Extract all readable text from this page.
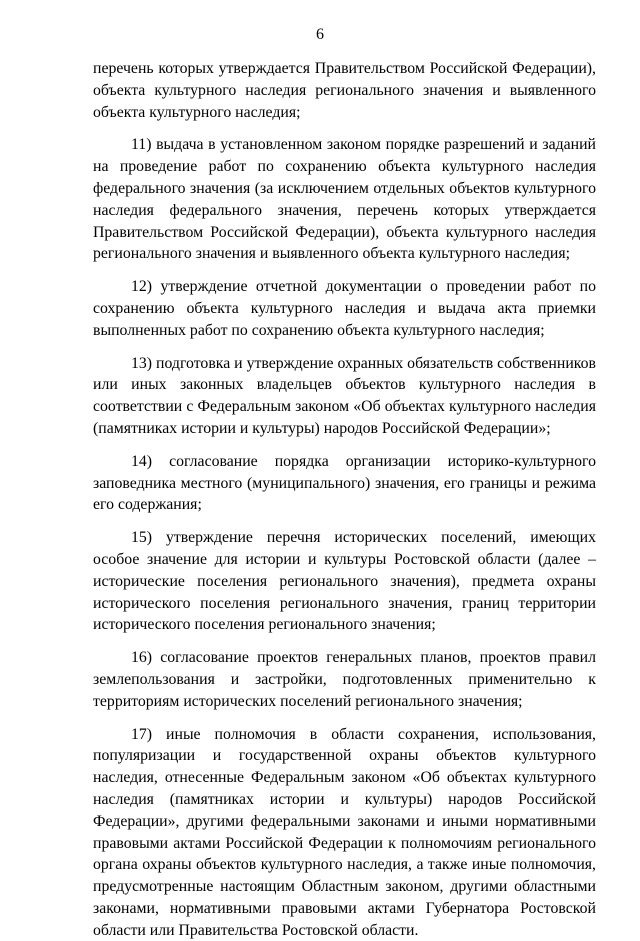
6

перечень которых утверждается Правительством Российской Федерации), объекта культурного наследия регионального значения и выявленного объекта культурного наследия;

11) выдача в установленном законом порядке разрешений и заданий на проведение работ по сохранению объекта культурного наследия федерального значения (за исключением отдельных объектов культурного наследия федерального значения, перечень которых утверждается Правительством Российской Федерации), объекта культурного наследия регионального значения и выявленного объекта культурного наследия;

12) утверждение отчетной документации о проведении работ по сохранению объекта культурного наследия и выдача акта приемки выполненных работ по сохранению объекта культурного наследия;

13) подготовка и утверждение охранных обязательств собственников или иных законных владельцев объектов культурного наследия в соответствии с Федеральным законом «Об объектах культурного наследия (памятниках истории и культуры) народов Российской Федерации»;

14) согласование порядка организации историко-культурного заповедника местного (муниципального) значения, его границы и режима его содержания;

15) утверждение перечня исторических поселений, имеющих особое значение для истории и культуры Ростовской области (далее – исторические поселения регионального значения), предмета охраны исторического поселения регионального значения, границ территории исторического поселения регионального значения;

16) согласование проектов генеральных планов, проектов правил землепользования и застройки, подготовленных применительно к территориям исторических поселений регионального значения;

17) иные полномочия в области сохранения, использования, популяризации и государственной охраны объектов культурного наследия, отнесенные Федеральным законом «Об объектах культурного наследия (памятниках истории и культуры) народов Российской Федерации», другими федеральными законами и иными нормативными правовыми актами Российской Федерации к полномочиям регионального органа охраны объектов культурного наследия, а также иные полномочия, предусмотренные настоящим Областным законом, другими областными законами, нормативными правовыми актами Губернатора Ростовской области или Правительства Ростовской области.
